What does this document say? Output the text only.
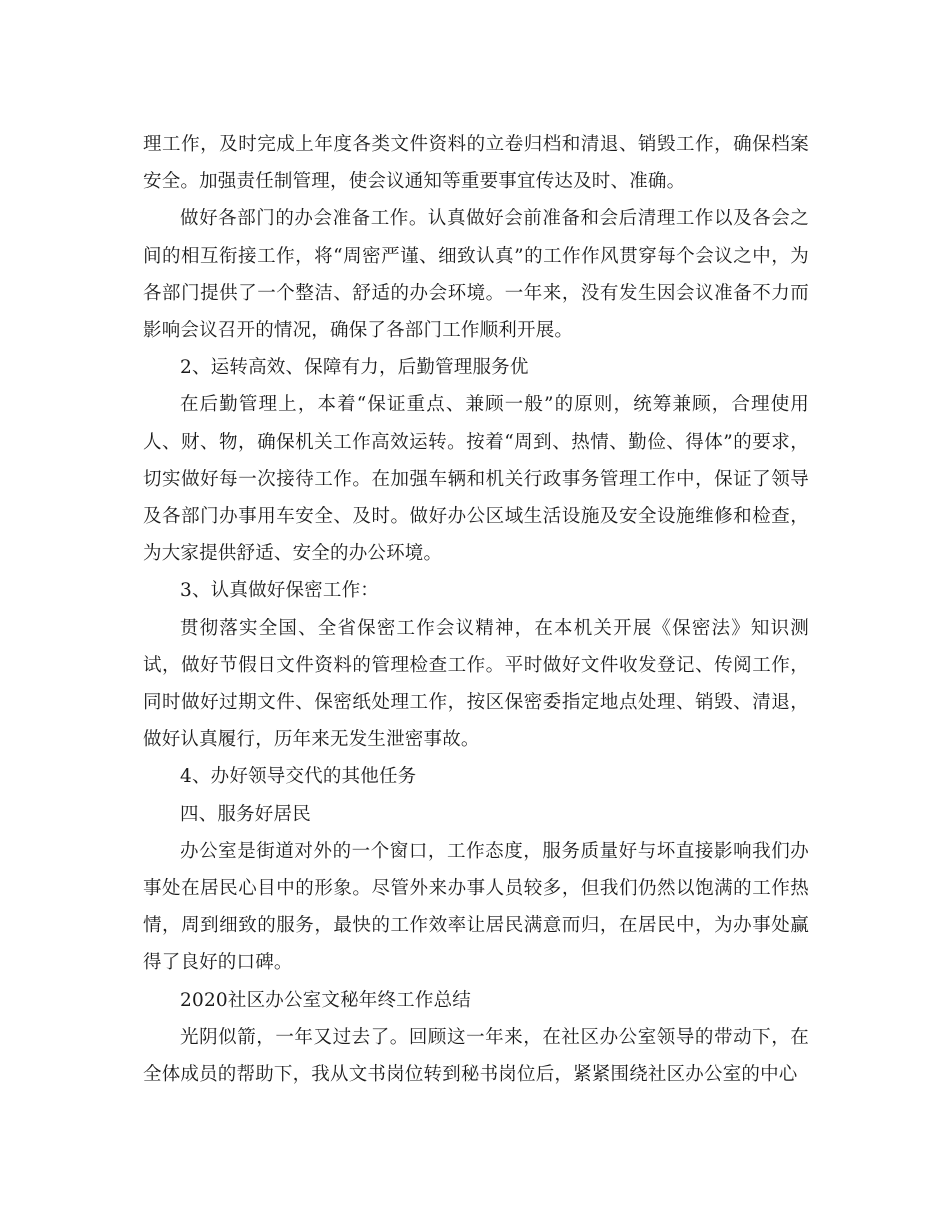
理工作，及时完成上年度各类文件资料的立卷归档和清退、销毁工作，确保档案安全。加强责任制管理，使会议通知等重要事宜传达及时、准确。

做好各部门的办会准备工作。认真做好会前准备和会后清理工作以及各会之间的相互衔接工作，将“周密严谨、细致认真”的工作作风贯穿每个会议之中，为各部门提供了一个整洁、舒适的办会环境。一年来，没有发生因会议准备不力而影响会议召开的情况，确保了各部门工作顺利开展。

2、运转高效、保障有力，后勤管理服务优

在后勤管理上，本着“保证重点、兼顾一般”的原则，统筹兼顾，合理使用人、财、物，确保机关工作高效运转。按着“周到、热情、勤俭、得体”的要求，切实做好每一次接待工作。在加强车辆和机关行政事务管理工作中，保证了领导及各部门办事用车安全、及时。做好办公区域生活设施及安全设施维修和检查，为大家提供舒适、安全的办公环境。

3、认真做好保密工作：

贯彻落实全国、全省保密工作会议精神，在本机关开展《保密法》知识测试，做好节假日文件资料的管理检查工作。平时做好文件收发登记、传阅工作，同时做好过期文件、保密纸处理工作，按区保密委指定地点处理、销毁、清退，做好认真履行，历年来无发生泄密事故。

4、办好领导交代的其他任务

四、服务好居民

办公室是街道对外的一个窗口，工作态度，服务质量好与坏直接影响我们办事处在居民心目中的形象。尽管外来办事人员较多，但我们仍然以饱满的工作热情，周到细致的服务，最快的工作效率让居民满意而归，在居民中，为办事处赢得了良好的口碑。

2020社区办公室文秘年终工作总结

光阴似箭，一年又过去了。回顾这一年来，在社区办公室领导的带动下，在全体成员的帮助下，我从文书岗位转到秘书岗位后，紧紧围绕社区办公室的中心
